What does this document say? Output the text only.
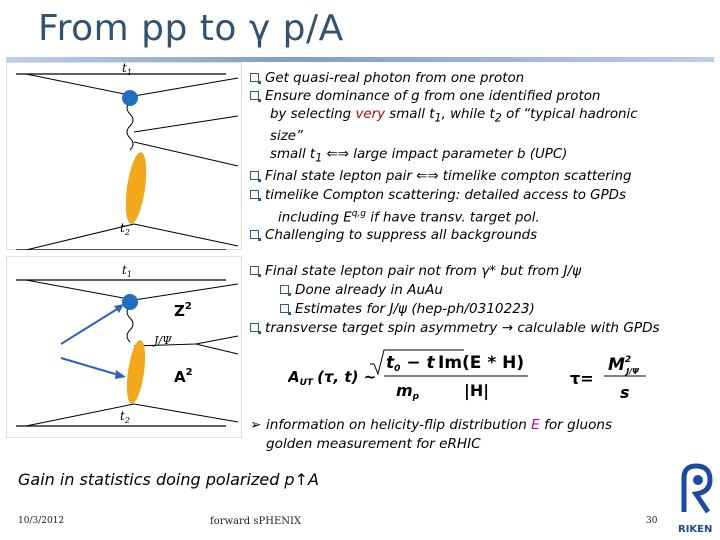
From pp to γ p/A
$t_1$
$t_2$
Get quasi-real photon from one proton
Ensure dominance of g from one identified proton
by selecting very small $t_1$, while $t_2$ of “typical hadronic
size”
small $t_1$ ⇐⇒ large impact parameter b (UPC)
Final state lepton pair ⇐⇒ timelike compton scattering
timelike Compton scattering: detailed access to GPDs
including E$^{q,g}$ if have transv. target pol.
Challenging to suppress all backgrounds
$t_1$
$t_2$
J/Ψ
$Z^2$
$A^2$
Final state lepton pair not from γ* but from J/ψ
Done already in AuAu
Estimates for J/ψ (hep-ph/0310223)
transverse target spin asymmetry → calculable with GPDs
$A_{UT}$ (τ, t) ~
t0 − t Im(E * H)
mp	|H|
τ=
$M^2$ J/Ψ
s
➢ information on helicity-flip distribution E for gluons
golden measurement for eRHIC
Gain in statistics doing polarized p↑A
10/3/2012	forward sPHENIX	30
RIKEN
